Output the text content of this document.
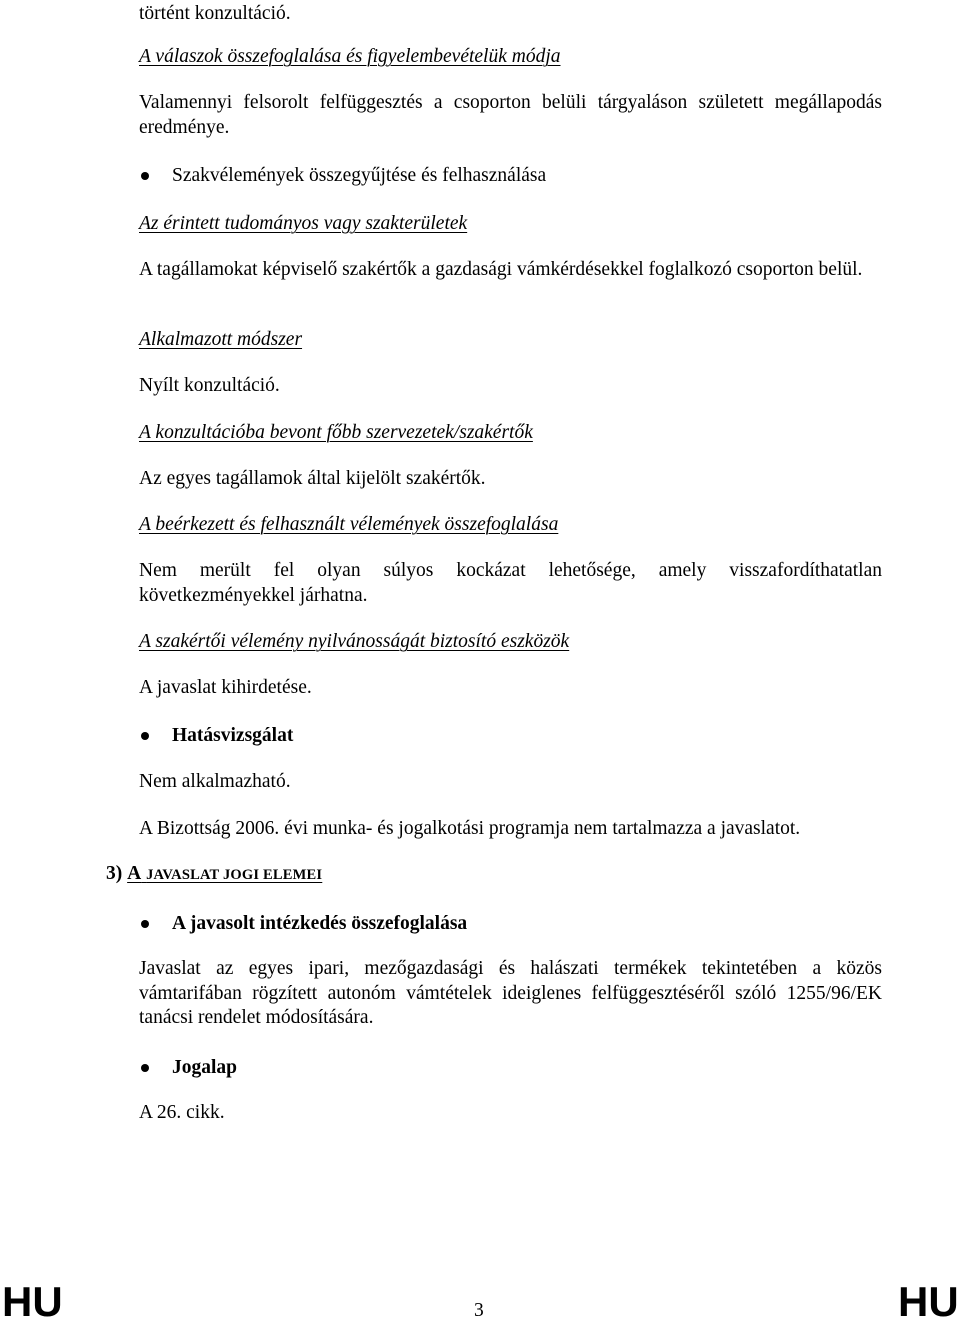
történt konzultáció.

A válaszok összefoglalása és figyelembevételük módja

Valamennyi felsorolt felfüggesztés a csoporton belüli tárgyaláson született megállapodás eredménye.

Szakvélemények összegyűjtése és felhasználása

Az érintett tudományos vagy szakterületek

A tagállamokat képviselő szakértők a gazdasági vámkérdésekkel foglalkozó csoporton belül.

Alkalmazott módszer

Nyílt konzultáció.

A konzultációba bevont főbb szervezetek/szakértők

Az egyes tagállamok által kijelölt szakértők.

A beérkezett és felhasznált vélemények összefoglalása

Nem merült fel olyan súlyos kockázat lehetősége, amely visszafordíthatatlan következményekkel járhatna.

A szakértői vélemény nyilvánosságát biztosító eszközök

A javaslat kihirdetése.

Hatásvizsgálat

Nem alkalmazható.

A Bizottság 2006. évi munka- és jogalkotási programja nem tartalmazza a javaslatot.

3) A JAVASLAT JOGI ELEMEI

A javasolt intézkedés összefoglalása

Javaslat az egyes ipari, mezőgazdasági és halászati termékek tekintetében a közös vámtarifában rögzített autonóm vámtételek ideiglenes felfüggesztéséről szóló 1255/96/EK tanácsi rendelet módosítására.

Jogalap

A 26. cikk.

HU	3	HU
